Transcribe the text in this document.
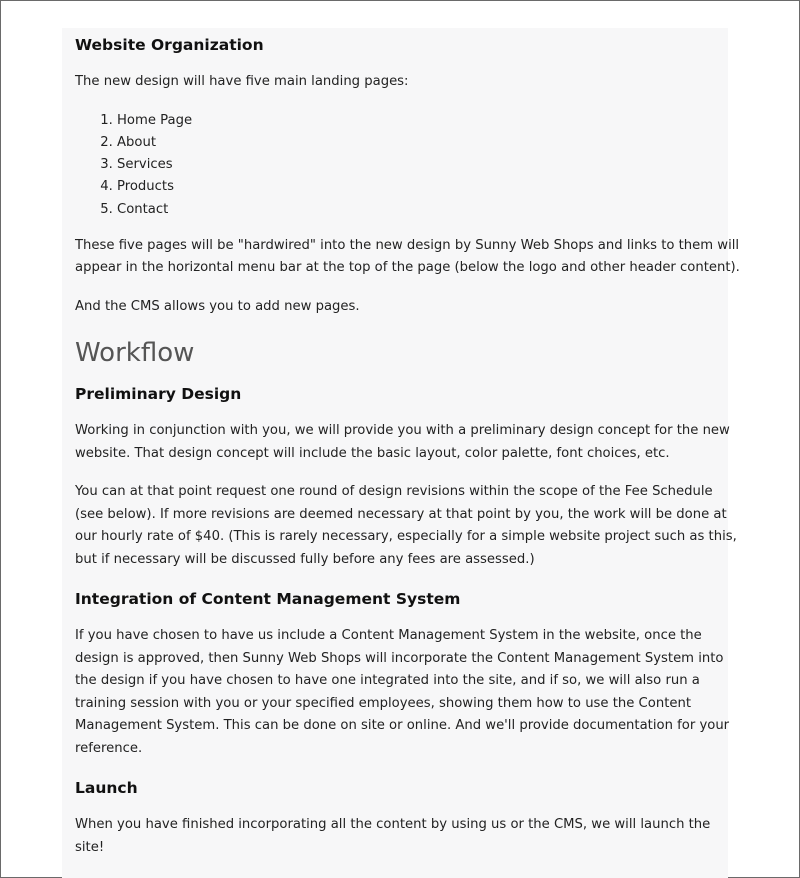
Website Organization

The new design will have five main landing pages:

1. Home Page
2. About
3. Services
4. Products
5. Contact

These five pages will be "hardwired" into the new design by Sunny Web Shops and links to them will appear in the horizontal menu bar at the top of the page (below the logo and other header content).

And the CMS allows you to add new pages.

Workflow
Preliminary Design

Working in conjunction with you, we will provide you with a preliminary design concept for the new website. That design concept will include the basic layout, color palette, font choices, etc.

You can at that point request one round of design revisions within the scope of the Fee Schedule (see below). If more revisions are deemed necessary at that point by you, the work will be done at our hourly rate of $40. (This is rarely necessary, especially for a simple website project such as this, but if necessary will be discussed fully before any fees are assessed.)

Integration of Content Management System

If you have chosen to have us include a Content Management System in the website, once the design is approved, then Sunny Web Shops will incorporate the Content Management System into the design if you have chosen to have one integrated into the site, and if so, we will also run a training session with you or your specified employees, showing them how to use the Content Management System. This can be done on site or online. And we'll provide documentation for your reference.

Launch

When you have finished incorporating all the content by using us or the CMS, we will launch the site!
